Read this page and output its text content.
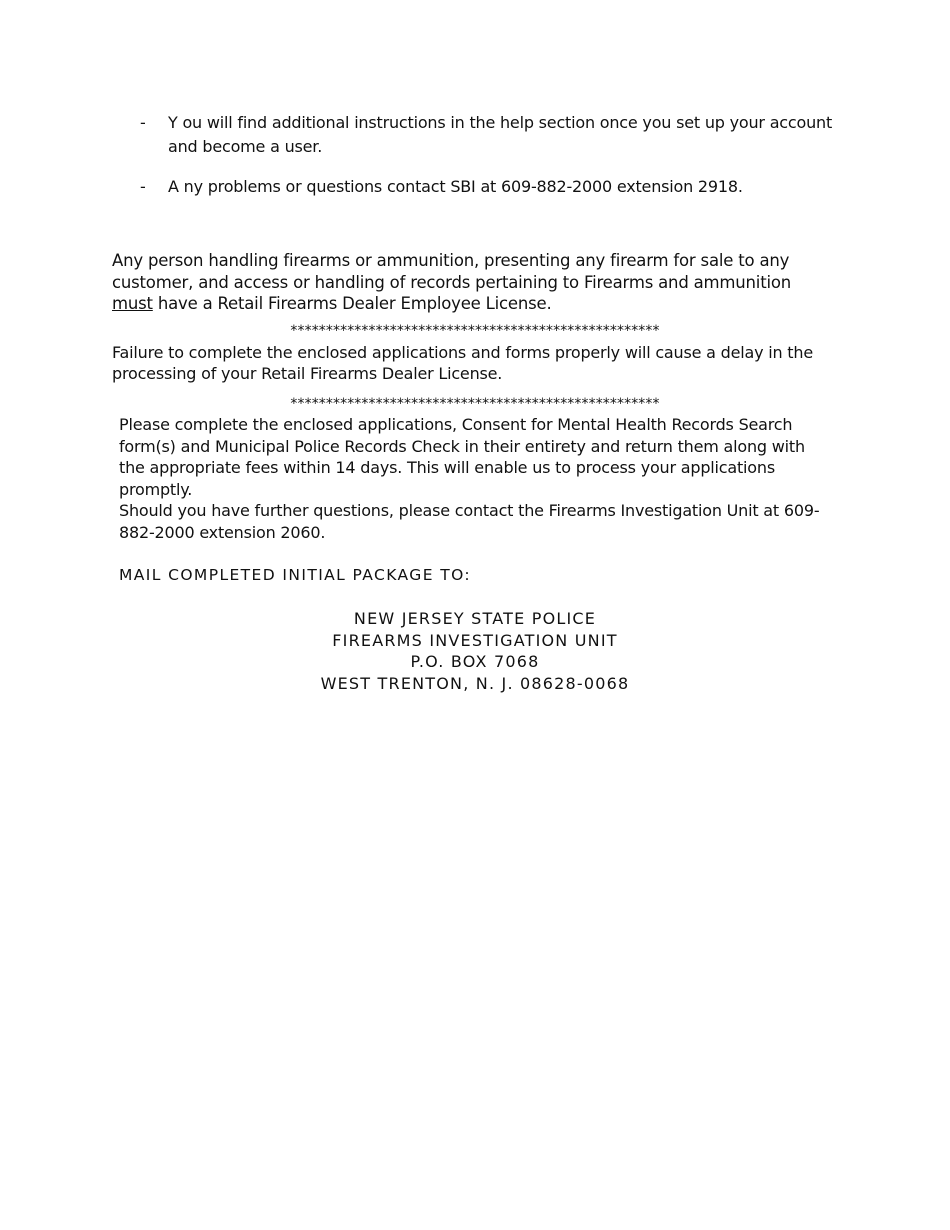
-	Y ou will find additional instructions in the help section once you set up your account and become a user.
-	A ny problems or questions contact SBI at 609-882-2000 extension 2918.
Any person handling firearms or ammunition, presenting any firearm for sale to any customer, and access or handling of records pertaining to Firearms and ammunition must have a Retail Firearms Dealer Employee License.
****************************************************
Failure to complete the enclosed applications and forms properly will cause a delay in the processing of your Retail Firearms Dealer License.
****************************************************
Please complete the enclosed applications, Consent for Mental Health Records Search form(s) and Municipal Police Records Check in their entirety and return them along with the appropriate fees within 14 days. This will enable us to process your applications promptly.
Should you have further questions, please contact the Firearms Investigation Unit at 609-882-2000 extension 2060.
MAIL COMPLETED INITIAL PACKAGE TO:
NEW JERSEY STATE POLICE
FIREARMS INVESTIGATION UNIT
P.O. BOX 7068
WEST TRENTON, N. J. 08628-0068
